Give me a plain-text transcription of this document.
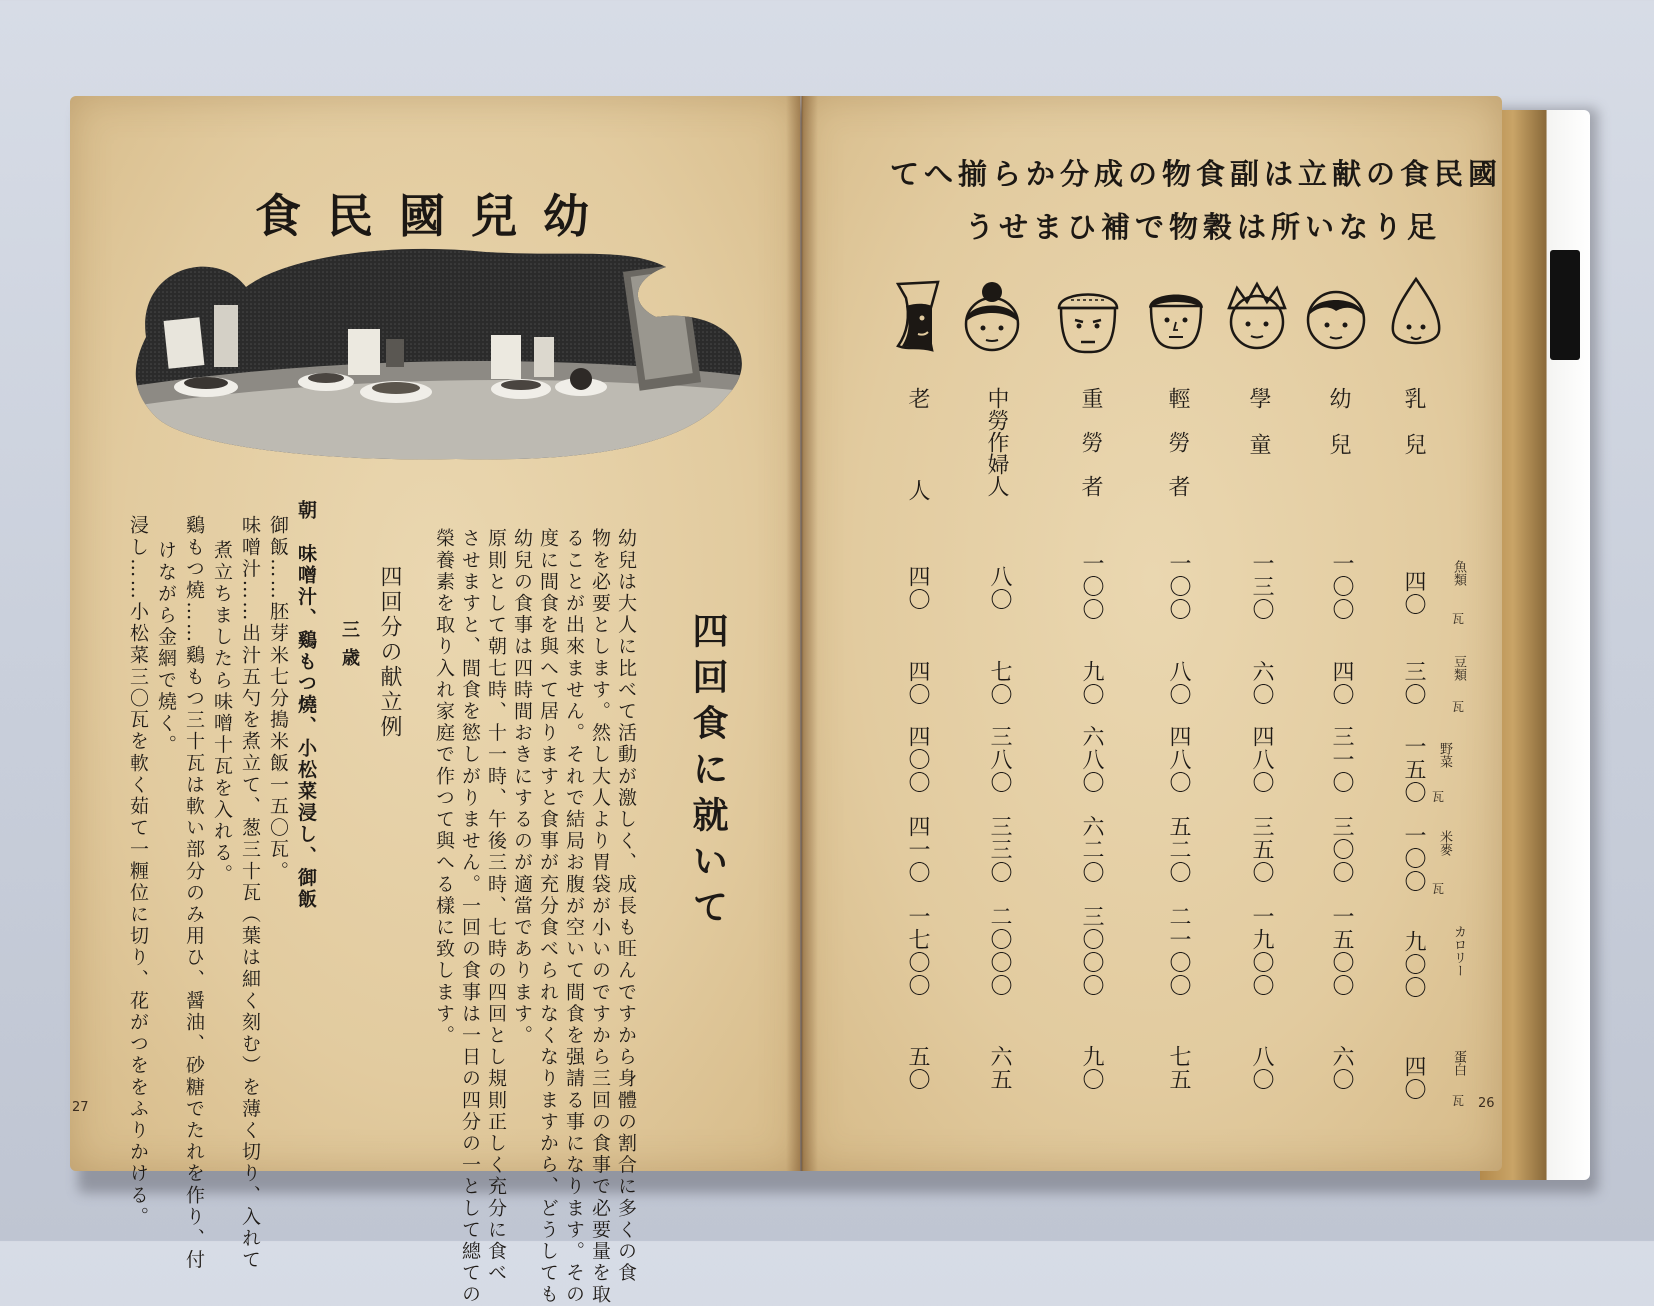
幼兒國民食
四回食に就いて
幼兒は大人に比べて活動が激しく、成長も旺んですから身體の割合に多くの食
物を必要とします。然し大人より胃袋が小いのですから三回の食事で必要量を取
ることが出來ません。それで結局お腹が空いて間食を强請る事になります。その
度に間食を與へて居りますと食事が充分食べられなくなりますから、どうしても
幼兒の食事は四時間おきにするのが適當であります。
原則として朝七時、十一時、午後三時、七時の四回とし規則正しく充分に食べ
させますと、間食を慾しがりません。一回の食事は一日の四分の一として總ての
榮養素を取り入れ家庭で作つて與へる樣に致します。
四回分の献立例
三歳
朝　味噌汁、鷄もつ燒、小松菜浸し、御飯
御飯……胚芽米七分搗米飯一五〇瓦。
味噌汁……出汁五勺を煮立て、葱三十瓦（葉は細く刻む）を薄く切り、入れて
煮立ちましたら味噌十瓦を入れる。
鷄もつ燒……鷄もつ三十瓦は軟い部分のみ用ひ、醤油、砂糖でたれを作り、付
けながら金網で燒く。
浸し……小松菜三〇瓦を軟く茹て一糎位に切り、花がつををふりかける。
27
國民食の献立は副食物の成分から揃へて
足りない所は穀物で補ひませう
乳兒
幼兒
學童
輕勞者
重勞者
中勞作婦人
老人
魚類
豆類
野菜
米麥
カロリー
蛋白
瓦
瓦
瓦
瓦
瓦
四〇
三〇
一五〇
一〇〇
九〇〇
四〇
一〇〇
四〇
三一〇
三〇〇
一五〇〇
六〇
一三〇
六〇
四八〇
三五〇
一九〇〇
八〇
一〇〇
八〇
四八〇
五二〇
二一〇〇
七五
一〇〇
九〇
六八〇
六二〇
三〇〇〇
九〇
八〇
七〇
三八〇
三三〇
二〇〇〇
六五
四〇
四〇
四〇〇
四一〇
一七〇〇
五〇
26
